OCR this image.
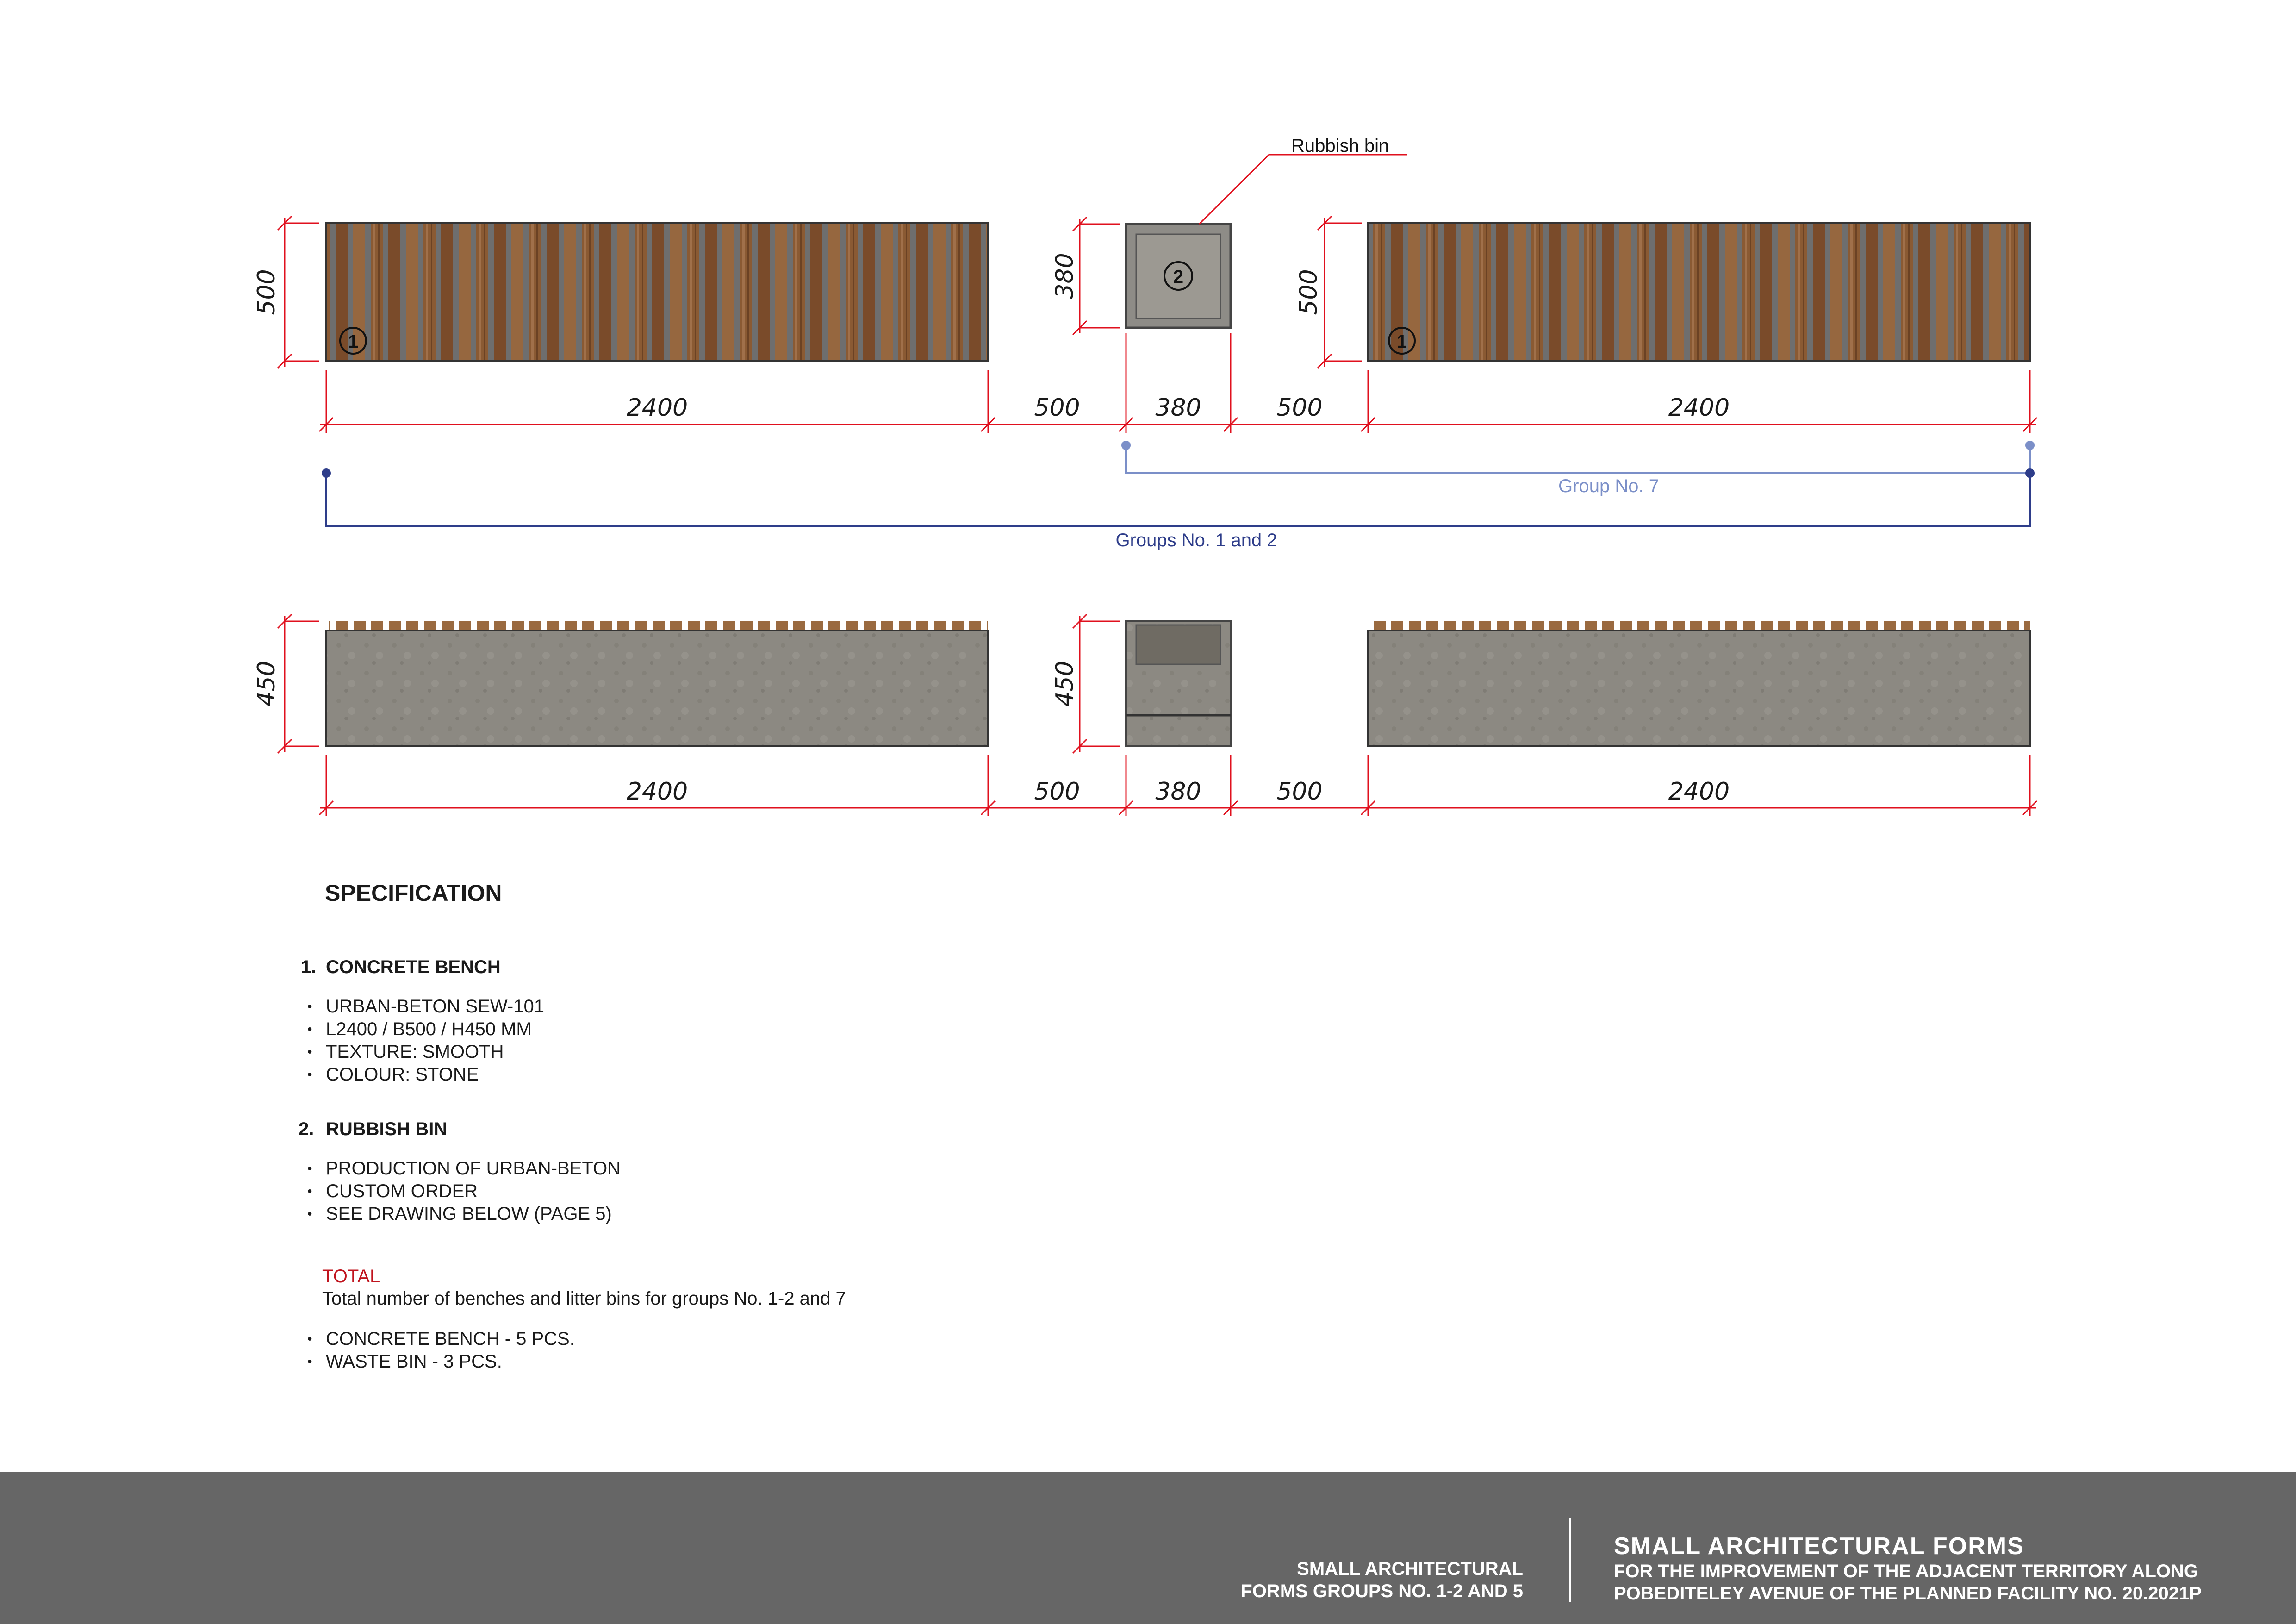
1	1
2
Rubbish bin
500	380	500
2400	500	380	500	2400
Group No. 7
Groups No. 1 and 2
450	450
2400	500	380	500	2400
SPECIFICATION
1. CONCRETE BENCH
• URBAN-BETON SEW-101
• L2400 / B500 / H450 MM
• TEXTURE: SMOOTH
• COLOUR: STONE
2. RUBBISH BIN
• PRODUCTION OF URBAN-BETON
• CUSTOM ORDER
• SEE DRAWING BELOW (PAGE 5)
TOTAL
Total number of benches and litter bins for groups No. 1-2 and 7
• CONCRETE BENCH - 5 PCS.
• WASTE BIN - 3 PCS.
SMALL ARCHITECTURAL
FORMS GROUPS NO. 1-2 AND 5
SMALL ARCHITECTURAL FORMS
FOR THE IMPROVEMENT OF THE ADJACENT TERRITORY ALONG
POBEDITELEY AVENUE OF THE PLANNED FACILITY NO. 20.2021P
